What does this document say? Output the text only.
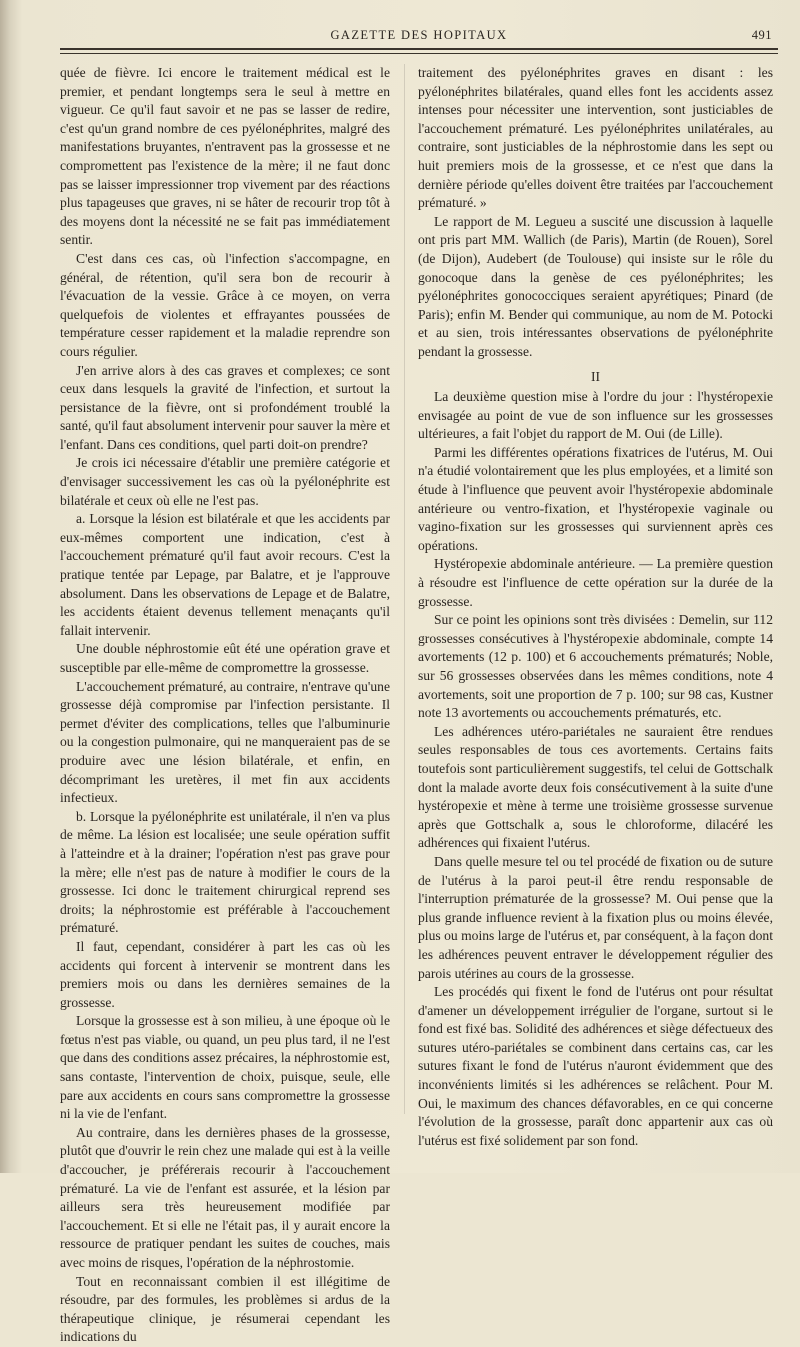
GAZETTE DES HOPITAUX	491

quée de fièvre. Ici encore le traitement médical est le premier, et pendant longtemps sera le seul à mettre en vigueur. Ce qu'il faut savoir et ne pas se lasser de redire, c'est qu'un grand nombre de ces pyélonéphrites, malgré des manifestations bruyantes, n'entravent pas la grossesse et ne compromettent pas l'existence de la mère; il ne faut donc pas se laisser impressionner trop vivement par des réactions plus tapageuses que graves, ni se hâter de recourir trop tôt à des moyens dont la nécessité ne se fait pas immédiatement sentir.

C'est dans ces cas, où l'infection s'accompagne, en général, de rétention, qu'il sera bon de recourir à l'évacuation de la vessie. Grâce à ce moyen, on verra quelquefois de violentes et effrayantes poussées de température cesser rapidement et la maladie reprendre son cours régulier.

J'en arrive alors à des cas graves et complexes; ce sont ceux dans lesquels la gravité de l'infection, et surtout la persistance de la fièvre, ont si profondément troublé la santé, qu'il faut absolument intervenir pour sauver la mère et l'enfant. Dans ces conditions, quel parti doit-on prendre?

Je crois ici nécessaire d'établir une première catégorie et d'envisager successivement les cas où la pyélonéphrite est bilatérale et ceux où elle ne l'est pas.

a. Lorsque la lésion est bilatérale et que les accidents par eux-mêmes comportent une indication, c'est à l'accouchement prématuré qu'il faut avoir recours. C'est la pratique tentée par Lepage, par Balatre, et je l'approuve absolument. Dans les observations de Lepage et de Balatre, les accidents étaient devenus tellement menaçants qu'il fallait intervenir.

Une double néphrostomie eût été une opération grave et susceptible par elle-même de compromettre la grossesse.

L'accouchement prématuré, au contraire, n'entrave qu'une grossesse déjà compromise par l'infection persistante. Il permet d'éviter des complications, telles que l'albuminurie ou la congestion pulmonaire, qui ne manqueraient pas de se produire avec une lésion bilatérale, et enfin, en décomprimant les uretères, il met fin aux accidents infectieux.

b. Lorsque la pyélonéphrite est unilatérale, il n'en va plus de même. La lésion est localisée; une seule opération suffit à l'atteindre et à la drainer; l'opération n'est pas grave pour la mère; elle n'est pas de nature à modifier le cours de la grossesse. Ici donc le traitement chirurgical reprend ses droits; la néphrostomie est préférable à l'accouchement prématuré.

Il faut, cependant, considérer à part les cas où les accidents qui forcent à intervenir se montrent dans les premiers mois ou dans les dernières semaines de la grossesse.

Lorsque la grossesse est à son milieu, à une époque où le fœtus n'est pas viable, ou quand, un peu plus tard, il ne l'est que dans des conditions assez précaires, la néphrostomie est, sans contaste, l'intervention de choix, puisque, seule, elle pare aux accidents en cours sans compromettre la grossesse ni la vie de l'enfant.

Au contraire, dans les dernières phases de la grossesse, plutôt que d'ouvrir le rein chez une malade qui est à la veille d'accoucher, je préférerais recourir à l'accouchement prématuré. La vie de l'enfant est assurée, et la lésion par ailleurs sera très heureusement modifiée par l'accouchement. Et si elle ne l'était pas, il y aurait encore la ressource de pratiquer pendant les suites de couches, mais avec moins de risques, l'opération de la néphrostomie.

Tout en reconnaissant combien il est illégitime de résoudre, par des formules, les problèmes si ardus de la thérapeutique clinique, je résumerai cependant les indications du

traitement des pyélonéphrites graves en disant : les pyélonéphrites bilatérales, quand elles font les accidents assez intenses pour nécessiter une intervention, sont justiciables de l'accouchement prématuré. Les pyélonéphrites unilatérales, au contraire, sont justiciables de la néphrostomie dans les sept ou huit premiers mois de la grossesse, et ce n'est que dans la dernière période qu'elles doivent être traitées par l'accouchement prématuré. »

Le rapport de M. Legueu a suscité une discussion à laquelle ont pris part MM. Wallich (de Paris), Martin (de Rouen), Sorel (de Dijon), Audebert (de Toulouse) qui insiste sur le rôle du gonocoque dans la genèse de ces pyélonéphrites; les pyélonéphrites gonococciques seraient apyrétiques; Pinard (de Paris); enfin M. Bender qui communique, au nom de M. Potocki et au sien, trois intéressantes observations de pyélonéphrite pendant la grossesse.

II

La deuxième question mise à l'ordre du jour : l'hystéropexie envisagée au point de vue de son influence sur les grossesses ultérieures, a fait l'objet du rapport de M. Oui (de Lille).

Parmi les différentes opérations fixatrices de l'utérus, M. Oui n'a étudié volontairement que les plus employées, et a limité son étude à l'influence que peuvent avoir l'hystéropexie abdominale antérieure ou ventro-fixation, et l'hystéropexie vaginale ou vagino-fixation sur les grossesses qui surviennent après ces opérations.

Hystéropexie abdominale antérieure. — La première question à résoudre est l'influence de cette opération sur la durée de la grossesse.

Sur ce point les opinions sont très divisées : Demelin, sur 112 grossesses consécutives à l'hystéropexie abdominale, compte 14 avortements (12 p. 100) et 6 accouchements prématurés; Noble, sur 56 grossesses observées dans les mêmes conditions, note 4 avortements, soit une proportion de 7 p. 100; sur 98 cas, Kustner note 13 avortements ou accouchements prématurés, etc.

Les adhérences utéro-pariétales ne sauraient être rendues seules responsables de tous ces avortements. Certains faits toutefois sont particulièrement suggestifs, tel celui de Gottschalk dont la malade avorte deux fois consécutivement à la suite d'une hystéropexie et mène à terme une troisième grossesse survenue après que Gottschalk a, sous le chloroforme, dilacéré les adhérences qui fixaient l'utérus.

Dans quelle mesure tel ou tel procédé de fixation ou de suture de l'utérus à la paroi peut-il être rendu responsable de l'interruption prématurée de la grossesse? M. Oui pense que la plus grande influence revient à la fixation plus ou moins élevée, plus ou moins large de l'utérus et, par conséquent, à la façon dont les adhérences peuvent entraver le développement régulier des parois utérines au cours de la grossesse.

Les procédés qui fixent le fond de l'utérus ont pour résultat d'amener un développement irrégulier de l'organe, surtout si le fond est fixé bas. Solidité des adhérences et siège défectueux des sutures utéro-pariétales se combinent dans certains cas, car les sutures fixant le fond de l'utérus n'auront évidemment que des inconvénients limités si les adhérences se relâchent. Pour M. Oui, le maximum des chances défavorables, en ce qui concerne l'évolution de la grossesse, paraît donc appartenir aux cas où l'utérus est fixé solidement par son fond.
